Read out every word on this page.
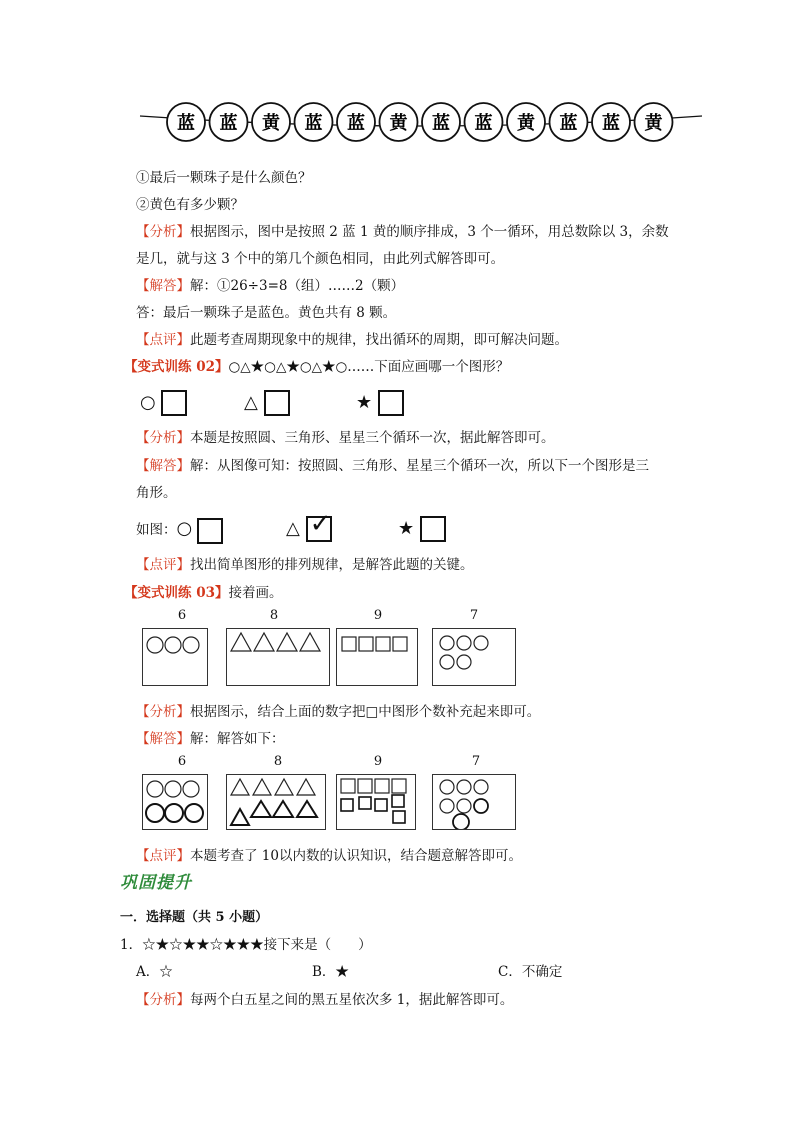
蓝 蓝 黄 蓝 蓝 黄 蓝 蓝 黄 蓝 蓝 黄
①最后一颗珠子是什么颜色？
②黄色有多少颗？
【分析】根据图示，图中是按照 2 蓝 1 黄的顺序排成，3 个一循环，用总数除以 3，余数
是几，就与这 3 个中的第几个颜色相同，由此列式解答即可。
【解答】解：①26÷3=8（组）……2（颗）
答：最后一颗珠子是蓝色。黄色共有 8 颗。
【点评】此题考查周期现象中的规律，找出循环的周期，即可解决问题。
【变式训练 02】○△★○△★○△★○……下面应画哪一个图形？
○	△	★
【分析】本题是按照圆、三角形、星星三个循环一次，据此解答即可。
【解答】解：从图像可知：按照圆、三角形、星星三个循环一次，所以下一个图形是三
角形。
如图：○	△ ✓	★
【点评】找出简单图形的排列规律，是解答此题的关键。
【变式训练 03】接着画。
6	8	9	7
【分析】根据图示，结合上面的数字把□中图形个数补充起来即可。
【解答】解：解答如下：
6	8	9	7
【点评】本题考查了 10以内数的认识知识，结合题意解答即可。
巩固提升
一．选择题（共 5 小题）
1．☆★☆★★☆★★★接下来是（　　）
A．☆	B．★	C．不确定
【分析】每两个白五星之间的黑五星依次多 1，据此解答即可。
